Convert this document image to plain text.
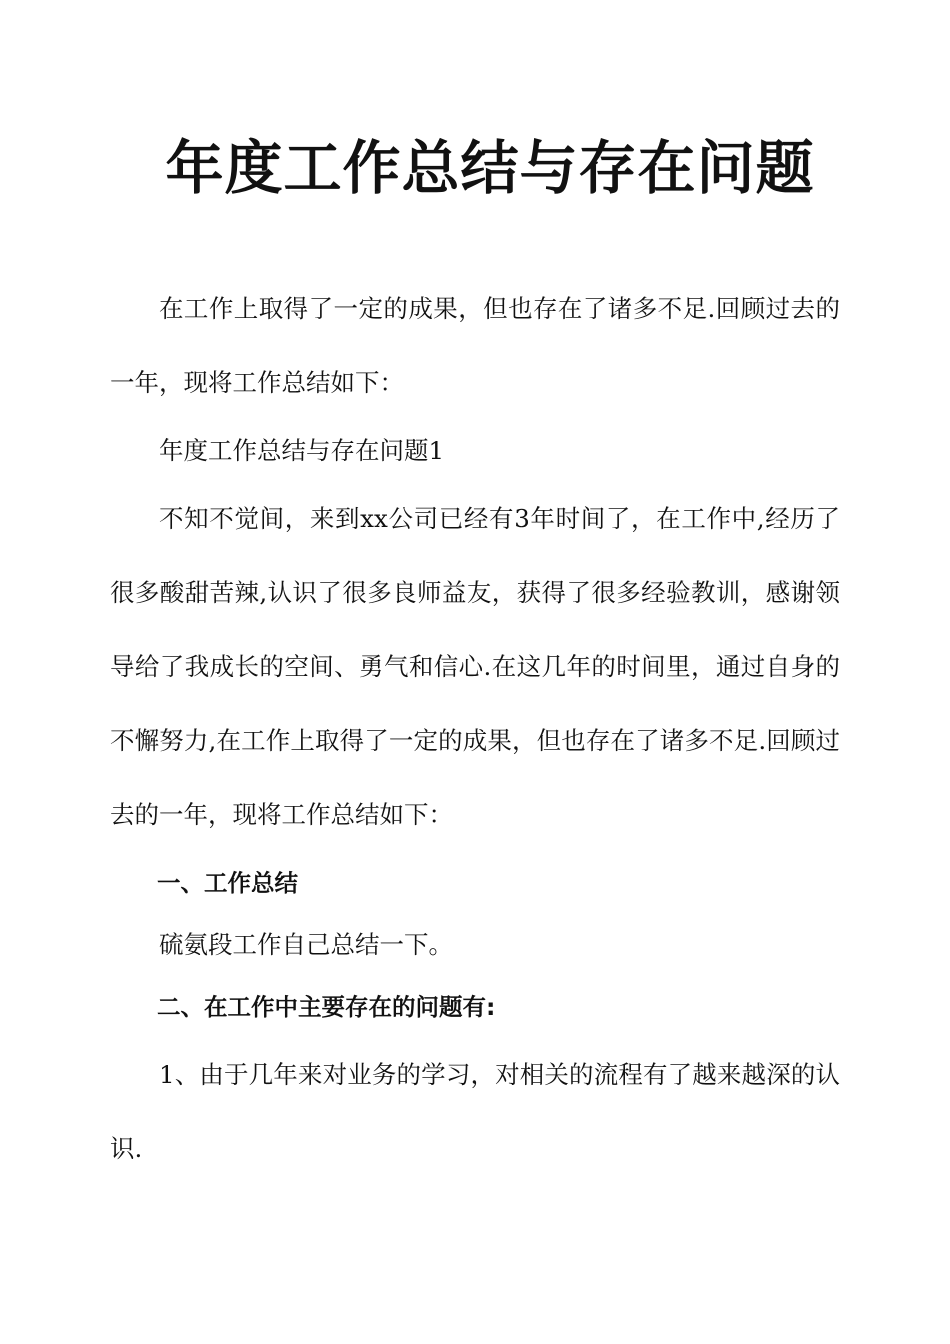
年度工作总结与存在问题

在工作上取得了一定的成果，但也存在了诸多不足.回顾过去的一年，现将工作总结如下：

年度工作总结与存在问题1

不知不觉间，来到xx公司已经有3年时间了，在工作中,经历了很多酸甜苦辣,认识了很多良师益友，获得了很多经验教训，感谢领导给了我成长的空间、勇气和信心.在这几年的时间里，通过自身的不懈努力,在工作上取得了一定的成果，但也存在了诸多不足.回顾过去的一年，现将工作总结如下：

一、工作总结

硫氨段工作自己总结一下。

二、在工作中主要存在的问题有:

1、由于几年来对业务的学习，对相关的流程有了越来越深的认识.
